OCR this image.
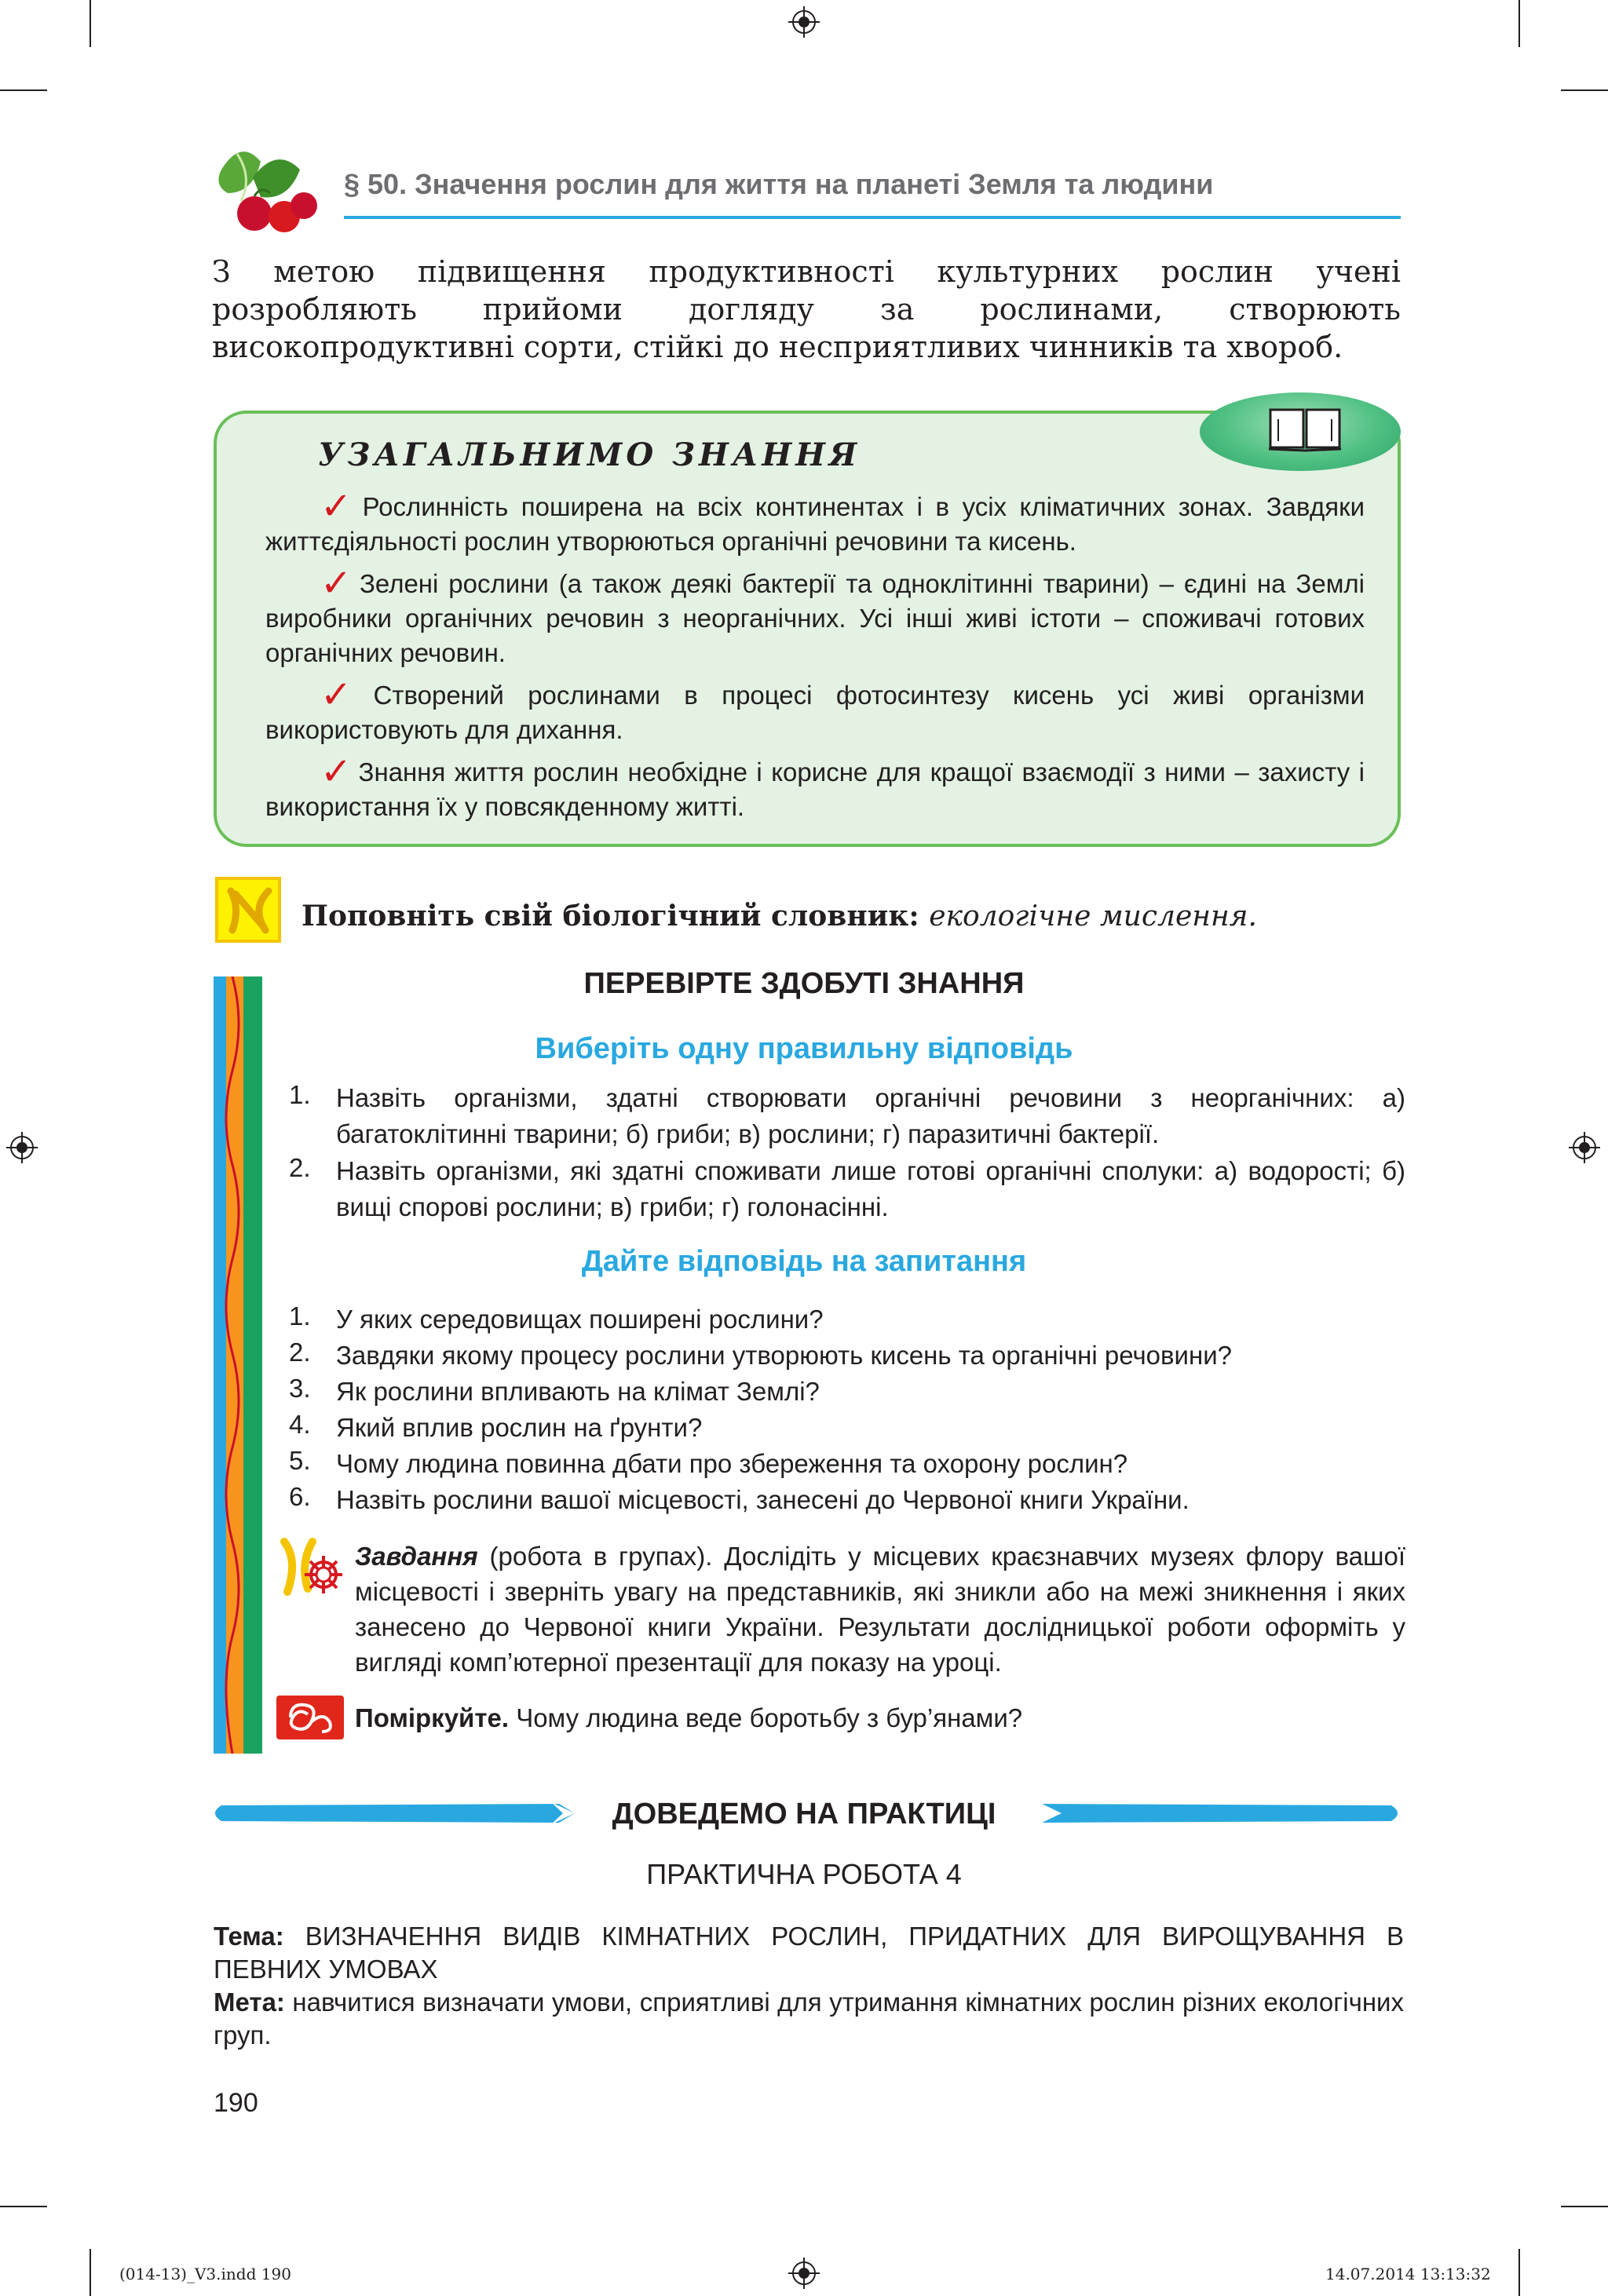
§ 50. Значення рослин для життя на планеті Земля та людини
З метою підвищення продуктивності культурних рослин учені розробляють прийоми догляду за рослинами, створюють високопродуктивні сорти, стійкі до несприятливих чинників та хвороб.
УЗАГАЛЬНИМО ЗНАННЯ
✓ Рослинність поширена на всіх континентах і в усіх кліматичних зонах. Завдяки життєдіяльності рослин утворюються органічні речовини та кисень.
✓ Зелені рослини (а також деякі бактерії та одноклітинні тварини) – єдині на Землі виробники органічних речовин з неорганічних. Усі інші живі істоти – споживачі готових органічних речовин.
✓ Створений рослинами в процесі фотосинтезу кисень усі живі організми використовують для дихання.
✓ Знання життя рослин необхідне і корисне для кращої взаємодії з ними – захисту і використання їх у повсякденному житті.
Поповніть свій біологічний словник: екологічне мислення.
ПЕРЕВІРТЕ ЗДОБУТІ ЗНАННЯ
Виберіть одну правильну відповідь
1. Назвіть організми, здатні створювати органічні речовини з неорганічних: а) багатоклітинні тварини; б) гриби; в) рослини; г) паразитичні бактерії.
2. Назвіть організми, які здатні споживати лише готові органічні сполуки: а) водорості; б) вищі спорові рослини; в) гриби; г) голонасінні.
Дайте відповідь на запитання
1. У яких середовищах поширені рослини?
2. Завдяки якому процесу рослини утворюють кисень та органічні речовини?
3. Як рослини впливають на клімат Землі?
4. Який вплив рослин на ґрунти?
5. Чому людина повинна дбати про збереження та охорону рослин?
6. Назвіть рослини вашої місцевості, занесені до Червоної книги України.
Завдання (робота в групах). Дослідіть у місцевих краєзнавчих музеях флору вашої місцевості і зверніть увагу на представників, які зникли або на межі зникнення і яких занесено до Червоної книги України. Результати дослідницької роботи оформіть у вигляді комп’ютерної презентації для показу на уроці.
Поміркуйте. Чому людина веде боротьбу з бур’янами?
ДОВЕДЕМО НА ПРАКТИЦІ
ПРАКТИЧНА РОБОТА 4
Тема: ВИЗНАЧЕННЯ ВИДІВ КІМНАТНИХ РОСЛИН, ПРИДАТНИХ ДЛЯ ВИРОЩУВАННЯ В ПЕВНИХ УМОВАХ
Мета: навчитися визначати умови, сприятливі для утримання кімнатних рослин різних екологічних груп.
190
(014-13)_V3.indd 190	14.07.2014 13:13:32
